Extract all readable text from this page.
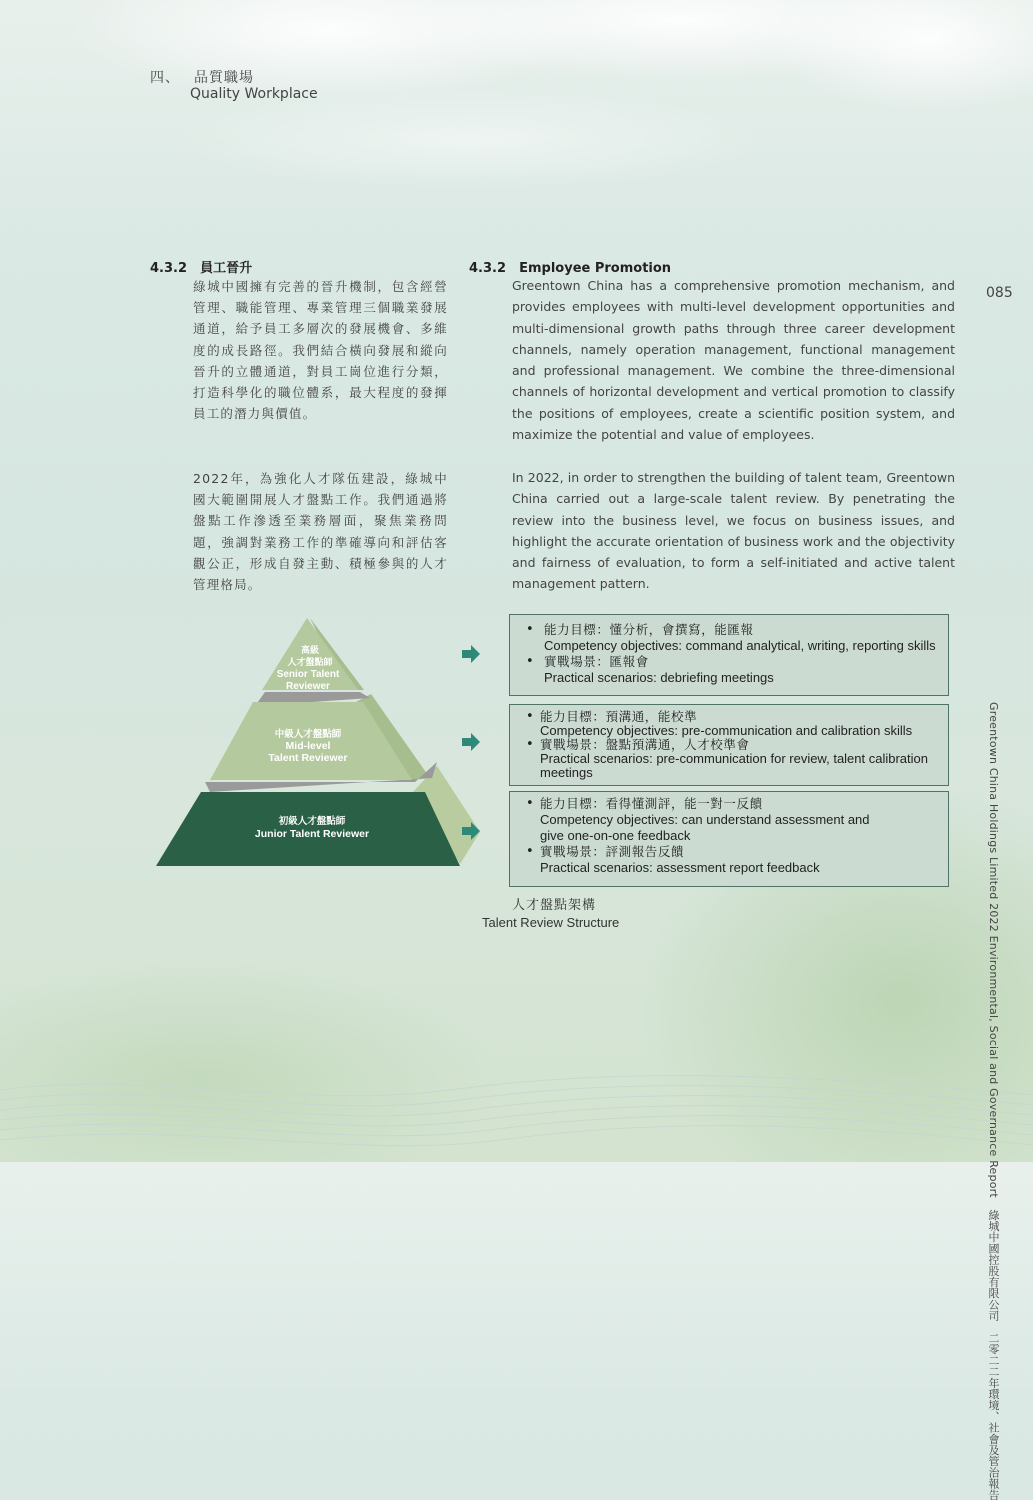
四、 品質職場
Quality Workplace
4.3.2 員工晉升
綠城中國擁有完善的晉升機制，包含經營管理、職能管理、專業管理三個職業發展通道，給予員工多層次的發展機會、多維度的成長路徑。我們結合橫向發展和縱向晉升的立體通道，對員工崗位進行分類，打造科學化的職位體系，最大程度的發揮員工的潛力與價值。
2022年，為強化人才隊伍建設，綠城中國大範圍開展人才盤點工作。我們通過將盤點工作滲透至業務層面，聚焦業務問題，強調對業務工作的準確導向和評估客觀公正，形成自發主動、積極參與的人才管理格局。
4.3.2 Employee Promotion
Greentown China has a comprehensive promotion mechanism, and provides employees with multi-level development opportunities and multi-dimensional growth paths through three career development channels, namely operation management, functional management and professional management. We combine the three-dimensional channels of horizontal development and vertical promotion to classify the positions of employees, create a scientific position system, and maximize the potential and value of employees.
In 2022, in order to strengthen the building of talent team, Greentown China carried out a large-scale talent review. By penetrating the review into the business level, we focus on business issues, and highlight the accurate orientation of business work and the objectivity and fairness of evaluation, to form a self-initiated and active talent management pattern.
085
Greentown China Holdings Limited 2022 Environmental, Social and Governance Report　綠城中國控股有限公司　二零二二年環境、社會及管治報告
高級
人才盤點師
Senior Talent
Reviewer
中級人才盤點師
Mid-level
Talent Reviewer
初級人才盤點師
Junior Talent Reviewer
• 能力目標：懂分析，會撰寫，能匯報
Competency objectives: command analytical, writing, reporting skills
• 實戰場景：匯報會
Practical scenarios: debriefing meetings
• 能力目標：預溝通，能校準
Competency objectives: pre-communication and calibration skills
• 實戰場景：盤點預溝通，人才校準會
Practical scenarios: pre-communication for review, talent calibration meetings
• 能力目標：看得懂測評，能一對一反饋
Competency objectives: can understand assessment and give one-on-one feedback
• 實戰場景：評測報告反饋
Practical scenarios: assessment report feedback
人才盤點架構
Talent Review Structure
